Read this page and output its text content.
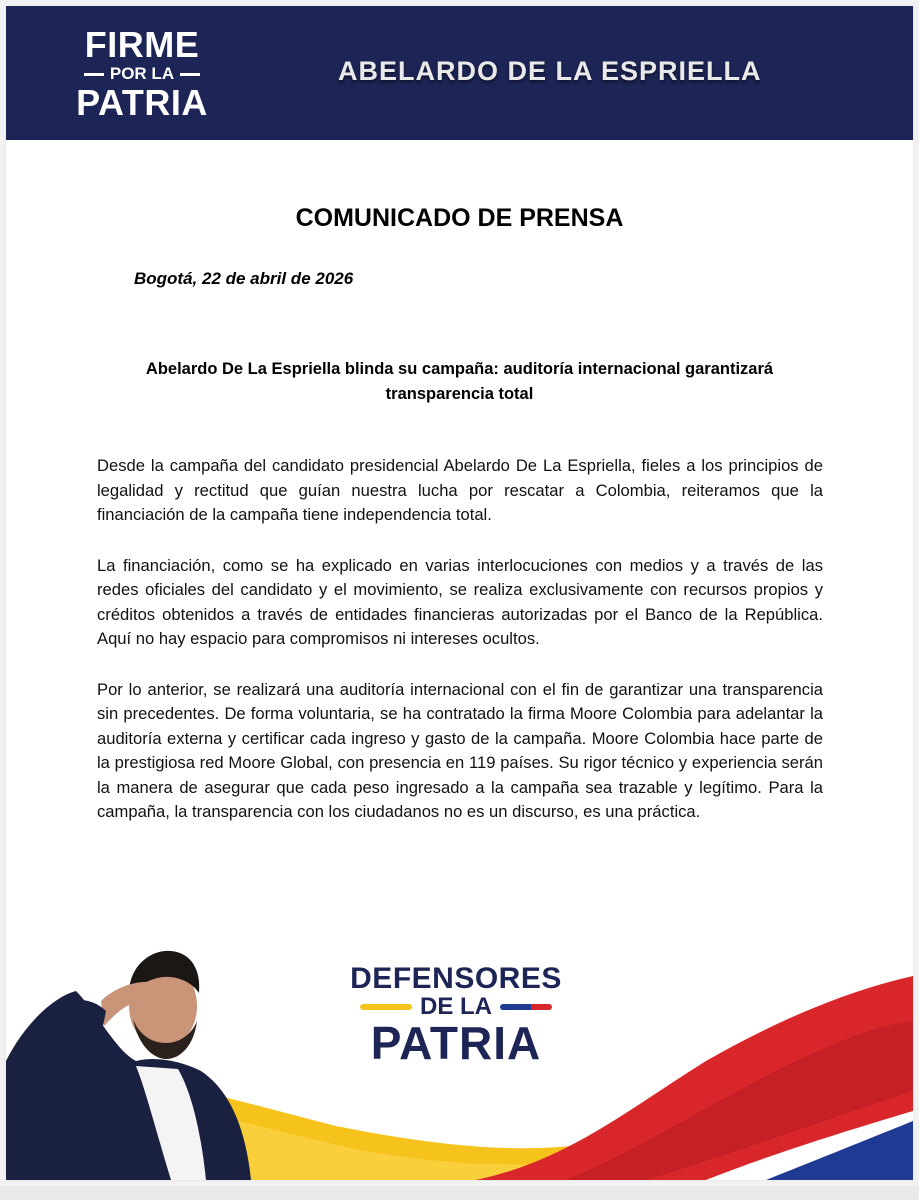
FIRME
POR LA
PATRIA
ABELARDO DE LA ESPRIELLA
COMUNICADO DE PRENSA
Bogotá, 22 de abril de 2026
Abelardo De La Espriella blinda su campaña: auditoría internacional garantizará transparencia total

Desde la campaña del candidato presidencial Abelardo De La Espriella, fieles a los principios de legalidad y rectitud que guían nuestra lucha por rescatar a Colombia, reiteramos que la financiación de la campaña tiene independencia total.

La financiación, como se ha explicado en varias interlocuciones con medios y a través de las redes oficiales del candidato y el movimiento, se realiza exclusivamente con recursos propios y créditos obtenidos a través de entidades financieras autorizadas por el Banco de la República. Aquí no hay espacio para compromisos ni intereses ocultos.

Por lo anterior, se realizará una auditoría internacional con el fin de garantizar una transparencia sin precedentes. De forma voluntaria, se ha contratado la firma Moore Colombia para adelantar la auditoría externa y certificar cada ingreso y gasto de la campaña. Moore Colombia hace parte de la prestigiosa red Moore Global, con presencia en 119 países. Su rigor técnico y experiencia serán la manera de asegurar que cada peso ingresado a la campaña sea trazable y legítimo. Para la campaña, la transparencia con los ciudadanos no es un discurso, es una práctica.

DEFENSORES
DE LA
PATRIA
